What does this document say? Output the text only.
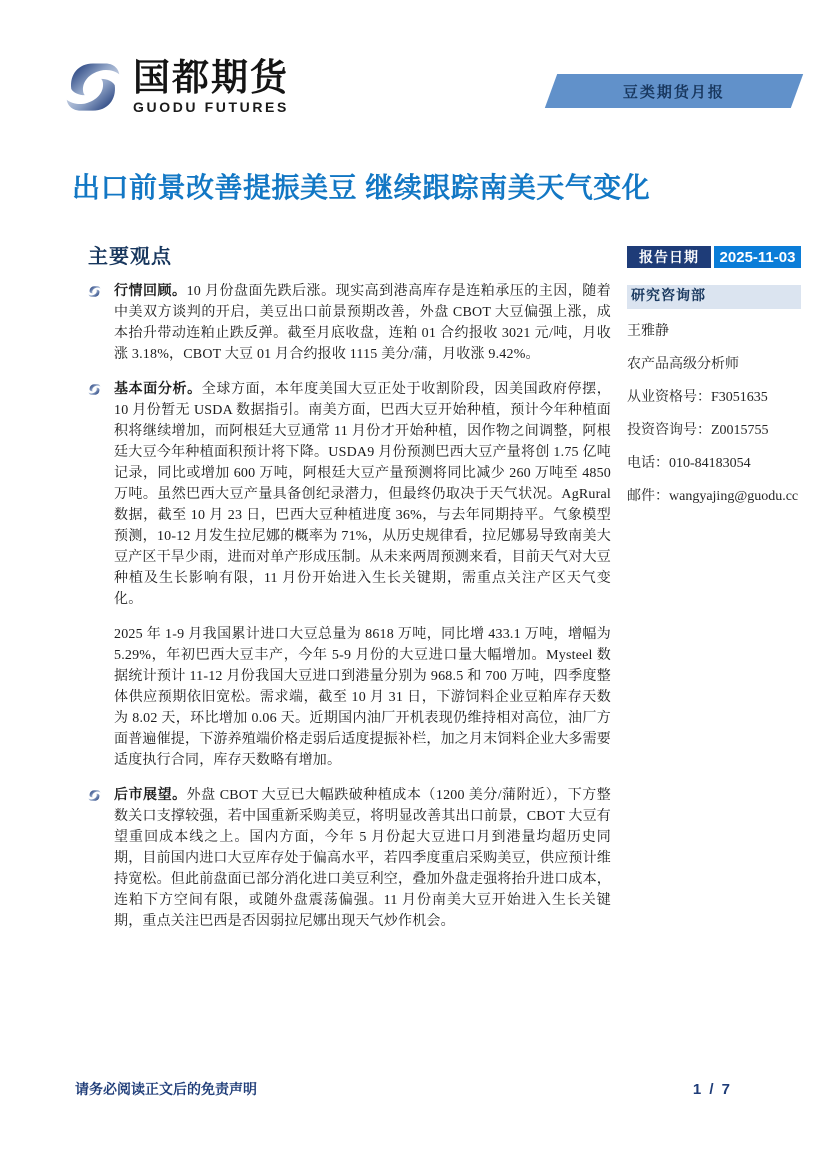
国都期货
GUODU FUTURES
豆类期货月报
出口前景改善提振美豆 继续跟踪南美天气变化
主要观点

行情回顾。10 月份盘面先跌后涨。现实高到港高库存是连粕承压的主因，随着中美双方谈判的开启，美豆出口前景预期改善，外盘 CBOT 大豆偏强上涨，成本抬升带动连粕止跌反弹。截至月底收盘，连粕 01 合约报收 3021 元/吨，月收涨 3.18%，CBOT 大豆 01 月合约报收 1115 美分/蒲，月收涨 9.42%。

基本面分析。全球方面，本年度美国大豆正处于收割阶段，因美国政府停摆，10 月份暂无 USDA 数据指引。南美方面，巴西大豆开始种植，预计今年种植面积将继续增加，而阿根廷大豆通常 11 月份才开始种植，因作物之间调整，阿根廷大豆今年种植面积预计将下降。USDA9 月份预测巴西大豆产量将创 1.75 亿吨记录，同比或增加 600 万吨，阿根廷大豆产量预测将同比减少 260 万吨至 4850 万吨。虽然巴西大豆产量具备创纪录潜力，但最终仍取决于天气状况。AgRural 数据，截至 10 月 23 日，巴西大豆种植进度 36%，与去年同期持平。气象模型预测，10-12 月发生拉尼娜的概率为 71%，从历史规律看，拉尼娜易导致南美大豆产区干旱少雨，进而对单产形成压制。从未来两周预测来看，目前天气对大豆种植及生长影响有限，11 月份开始进入生长关键期，需重点关注产区天气变化。

2025 年 1-9 月我国累计进口大豆总量为 8618 万吨，同比增 433.1 万吨，增幅为 5.29%，年初巴西大豆丰产，今年 5-9 月份的大豆进口量大幅增加。Mysteel 数据统计预计 11-12 月份我国大豆进口到港量分别为 968.5 和 700 万吨，四季度整体供应预期依旧宽松。需求端，截至 10 月 31 日，下游饲料企业豆粕库存天数为 8.02 天，环比增加 0.06 天。近期国内油厂开机表现仍维持相对高位，油厂方面普遍催提，下游养殖端价格走弱后适度提振补栏，加之月末饲料企业大多需要适度执行合同，库存天数略有增加。

后市展望。外盘 CBOT 大豆已大幅跌破种植成本（1200 美分/蒲附近），下方整数关口支撑较强，若中国重新采购美豆，将明显改善其出口前景，CBOT 大豆有望重回成本线之上。国内方面，今年 5 月份起大豆进口月到港量均超历史同期，目前国内进口大豆库存处于偏高水平，若四季度重启采购美豆，供应预计维持宽松。但此前盘面已部分消化进口美豆利空，叠加外盘走强将抬升进口成本，连粕下方空间有限，或随外盘震荡偏强。11 月份南美大豆开始进入生长关键期，重点关注巴西是否因弱拉尼娜出现天气炒作机会。

报告日期	2025-11-03
研究咨询部
王雅静
农产品高级分析师
从业资格号：F3051635
投资咨询号：Z0015755
电话：010-84183054
邮件：wangyajing@guodu.cc
请务必阅读正文后的免责声明	1 / 7
